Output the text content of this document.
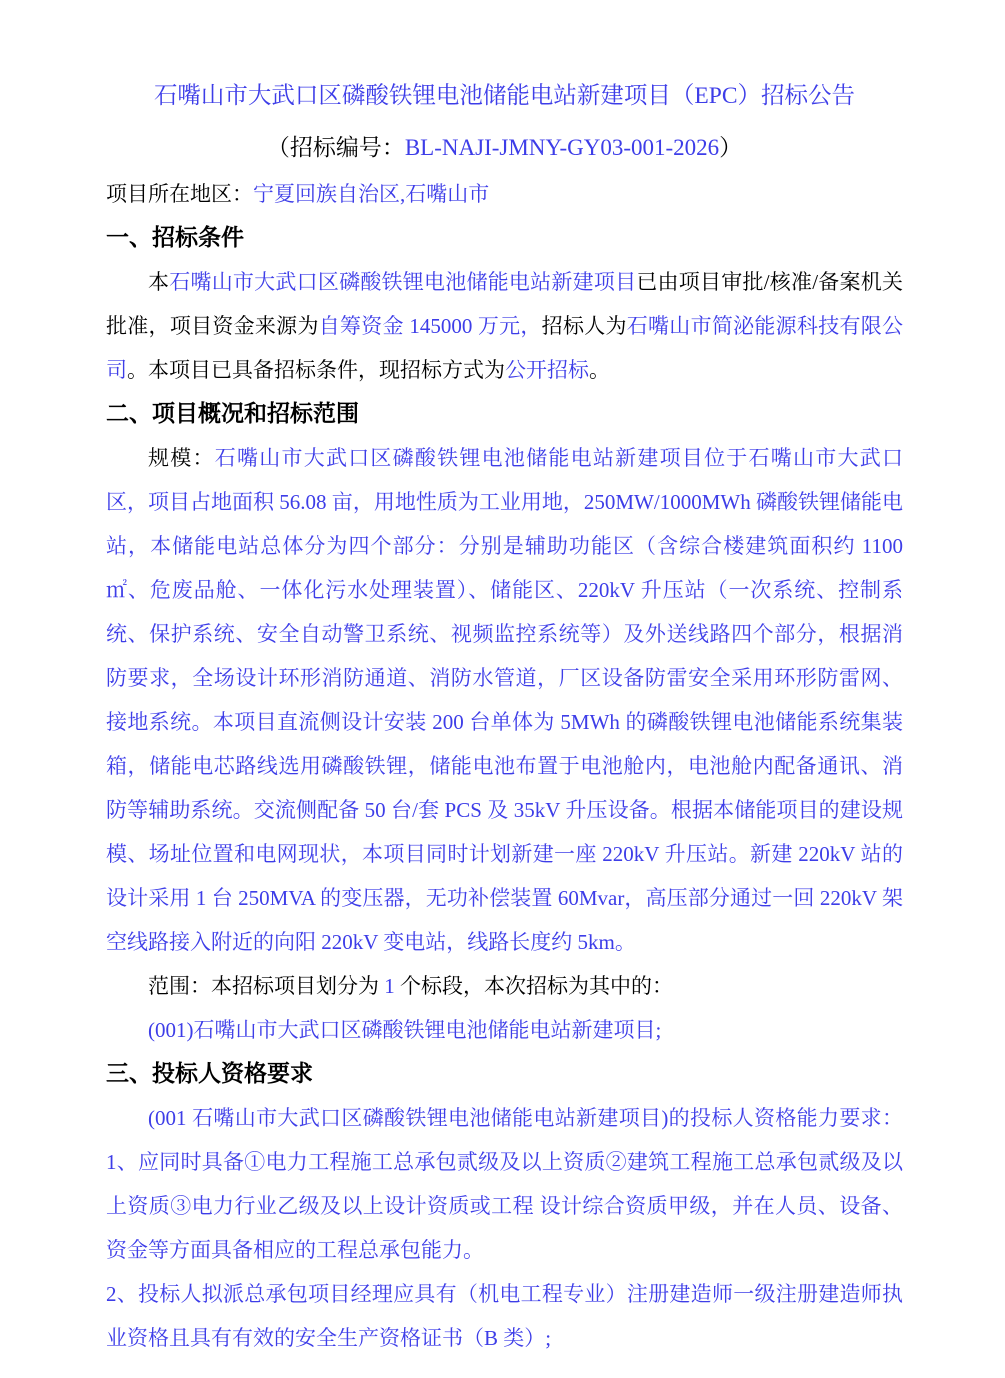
石嘴山市大武口区磷酸铁锂电池储能电站新建项目（EPC）招标公告
（招标编号：BL-NAJI-JMNY-GY03-001-2026）

项目所在地区：宁夏回族自治区,石嘴山市

一、招标条件

本石嘴山市大武口区磷酸铁锂电池储能电站新建项目已由项目审批/核准/备案机关批准，项目资金来源为自筹资金 145000 万元，招标人为石嘴山市简泌能源科技有限公司。本项目已具备招标条件，现招标方式为公开招标。

二、项目概况和招标范围

规模：石嘴山市大武口区磷酸铁锂电池储能电站新建项目位于石嘴山市大武口区，项目占地面积 56.08 亩，用地性质为工业用地，250MW/1000MWh 磷酸铁锂储能电站，本储能电站总体分为四个部分：分别是辅助功能区（含综合楼建筑面积约 1100㎡、危废品舱、一体化污水处理装置）、储能区、220kV 升压站（一次系统、控制系统、保护系统、安全自动警卫系统、视频监控系统等）及外送线路四个部分，根据消防要求，全场设计环形消防通道、消防水管道，厂区设备防雷安全采用环形防雷网、接地系统。本项目直流侧设计安装 200 台单体为 5MWh 的磷酸铁锂电池储能系统集装箱，储能电芯路线选用磷酸铁锂，储能电池布置于电池舱内，电池舱内配备通讯、消防等辅助系统。交流侧配备 50 台/套 PCS 及 35kV 升压设备。根据本储能项目的建设规模、场址位置和电网现状，本项目同时计划新建一座 220kV 升压站。新建 220kV 站的设计采用 1 台 250MVA 的变压器，无功补偿装置 60Mvar，高压部分通过一回 220kV 架空线路接入附近的向阳 220kV 变电站，线路长度约 5km。

范围：本招标项目划分为 1 个标段，本次招标为其中的：

(001)石嘴山市大武口区磷酸铁锂电池储能电站新建项目;

三、投标人资格要求

(001 石嘴山市大武口区磷酸铁锂电池储能电站新建项目)的投标人资格能力要求：1、应同时具备①电力工程施工总承包贰级及以上资质②建筑工程施工总承包贰级及以上资质③电力行业乙级及以上设计资质或工程 设计综合资质甲级，并在人员、设备、资金等方面具备相应的工程总承包能力。

2、投标人拟派总承包项目经理应具有（机电工程专业）注册建造师一级注册建造师执业资格且具有有效的安全生产资格证书（B 类）;
